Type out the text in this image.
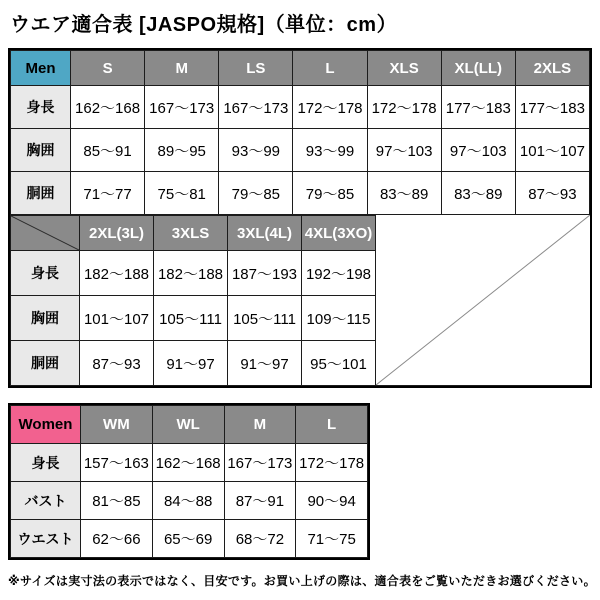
ウエア適合表 [JASPO規格]（単位：cm）
Men	S	M	LS	L	XLS	XL(LL)	2XLS
身長	162～168	167～173	167～173	172～178	172～178	177～183	177～183
胸囲	85～91	89～95	93～99	93～99	97～103	97～103	101～107
胴囲	71～77	75～81	79～85	79～85	83～89	83～89	87～93
	2XL(3L)	3XLS	3XL(4L)	4XL(3XO)
身長	182～188	182～188	187～193	192～198
胸囲	101～107	105～111	105～111	109～115
胴囲	87～93	91～97	91～97	95～101
Women	WM	WL	M	L
身長	157～163	162～168	167～173	172～178
バスト	81～85	84～88	87～91	90～94
ウエスト	62～66	65～69	68～72	71～75
※サイズは実寸法の表示ではなく、目安です。お買い上げの際は、適合表をご覧いただきお選びください。
